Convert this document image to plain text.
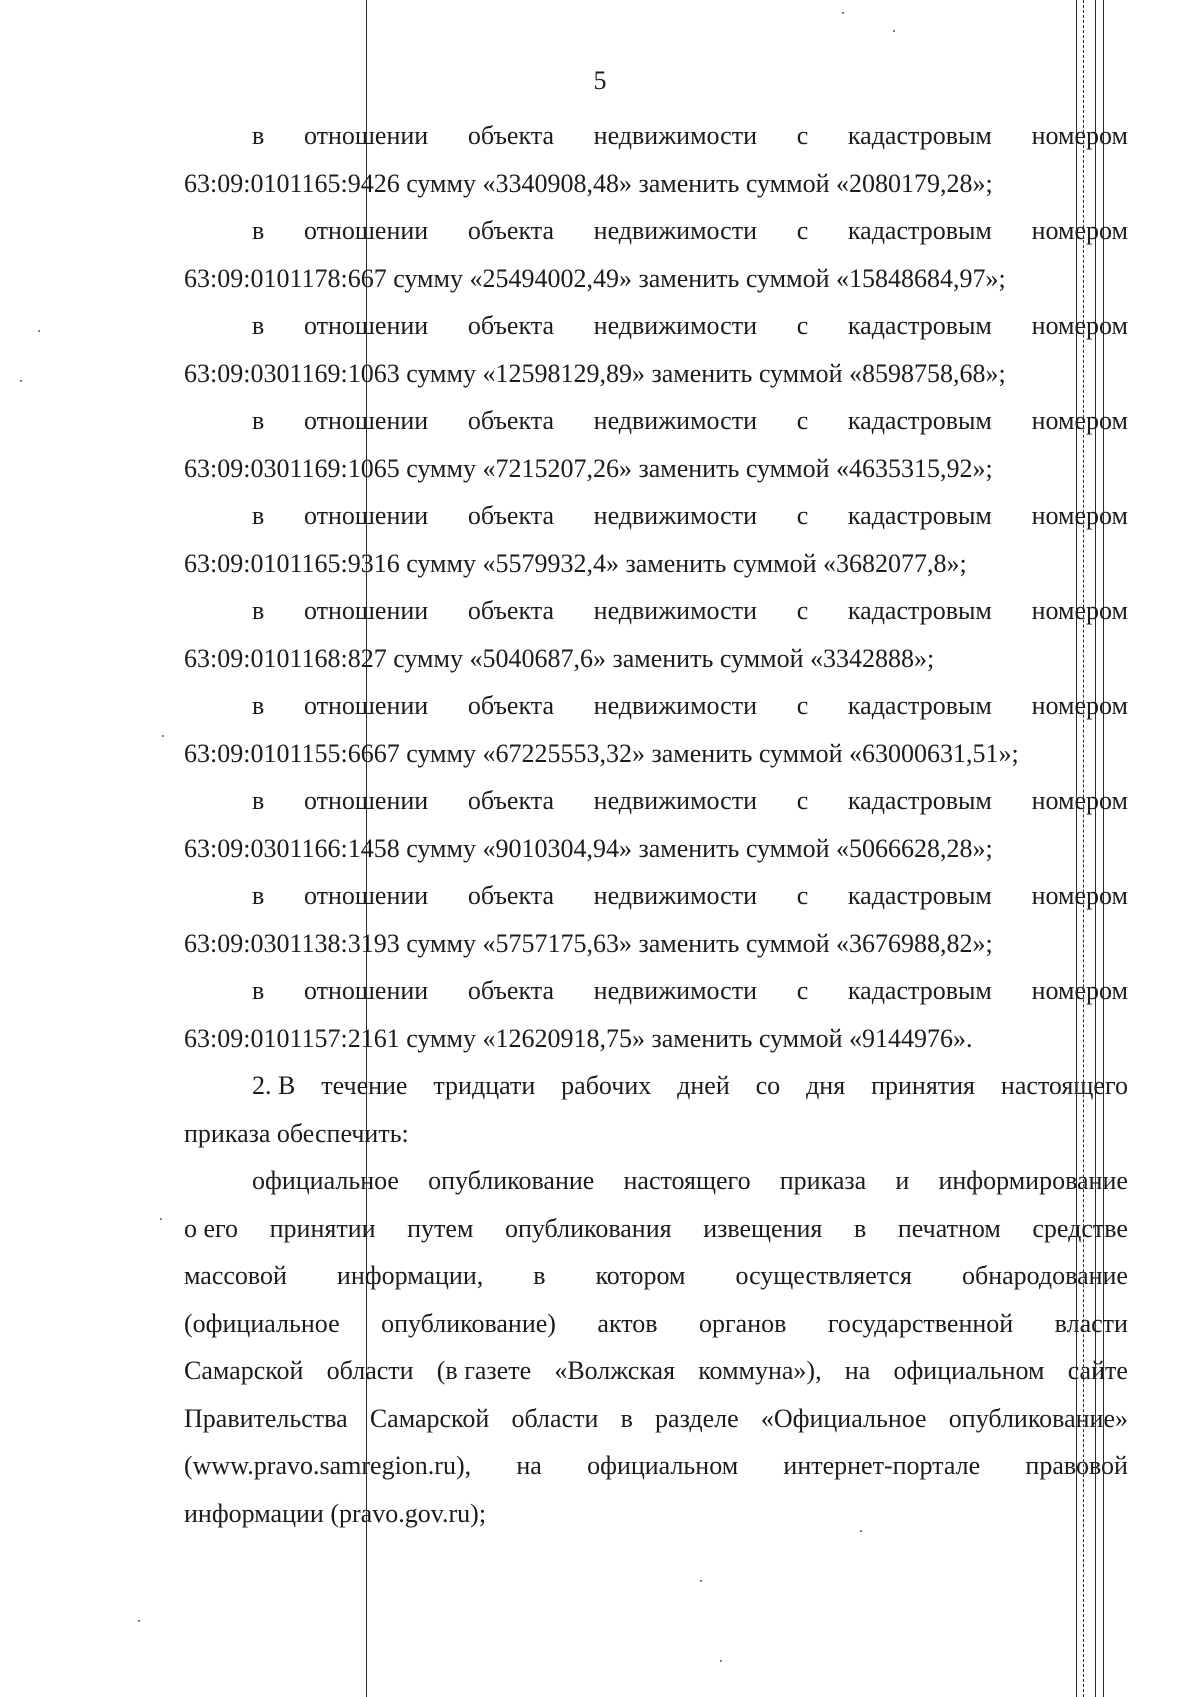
5
в отношении объекта недвижимости с кадастровым номером
63:09:0101165:9426 сумму «3340908,48» заменить суммой «2080179,28»;
в отношении объекта недвижимости с кадастровым номером
63:09:0101178:667 сумму «25494002,49» заменить суммой «15848684,97»;
в отношении объекта недвижимости с кадастровым номером
63:09:0301169:1063 сумму «12598129,89» заменить суммой «8598758,68»;
в отношении объекта недвижимости с кадастровым номером
63:09:0301169:1065 сумму «7215207,26» заменить суммой «4635315,92»;
в отношении объекта недвижимости с кадастровым номером
63:09:0101165:9316 сумму «5579932,4» заменить суммой «3682077,8»;
в отношении объекта недвижимости с кадастровым номером
63:09:0101168:827 сумму «5040687,6» заменить суммой «3342888»;
в отношении объекта недвижимости с кадастровым номером
63:09:0101155:6667 сумму «67225553,32» заменить суммой «63000631,51»;
в отношении объекта недвижимости с кадастровым номером
63:09:0301166:1458 сумму «9010304,94» заменить суммой «5066628,28»;
в отношении объекта недвижимости с кадастровым номером
63:09:0301138:3193 сумму «5757175,63» заменить суммой «3676988,82»;
в отношении объекта недвижимости с кадастровым номером
63:09:0101157:2161 сумму «12620918,75» заменить суммой «9144976».
2. В течение тридцати рабочих дней со дня принятия настоящего
приказа обеспечить:
официальное опубликование настоящего приказа и информирование
о его принятии путем опубликования извещения в печатном средстве
массовой информации, в котором осуществляется обнародование
(официальное опубликование) актов органов государственной власти
Самарской области (в газете «Волжская коммуна»), на официальном сайте
Правительства Самарской области в разделе «Официальное опубликование»
(www.pravo.samregion.ru), на официальном интернет-портале правовой
информации (pravo.gov.ru);
